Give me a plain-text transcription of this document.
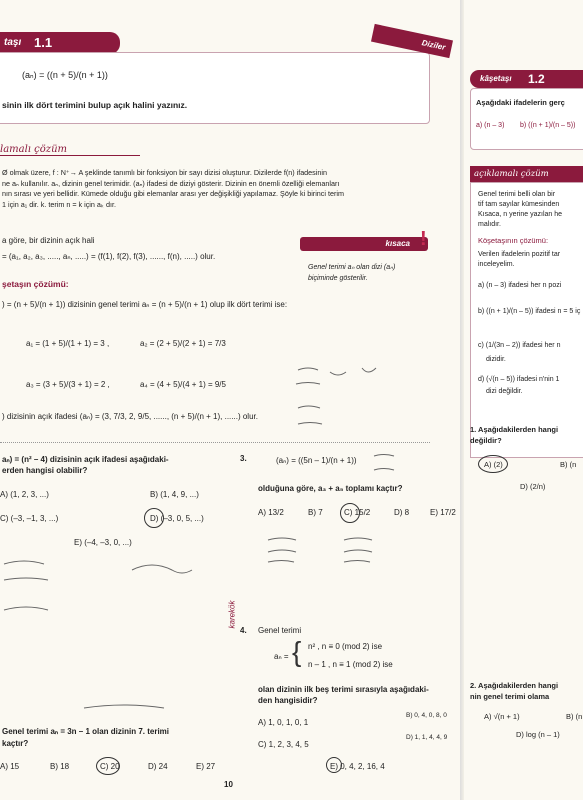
taşı 1.1
(aₙ) = ((n + 5)/(n + 1))
sinin ilk dört terimini bulup açık halini yazınız.
Diziler
lamalı çözüm
Ø olmak üzere, f : N⁺→ A şeklinde tanımlı bir fonksiyon bir sayı dizisi oluşturur. Dizilerde f(n) ifadesinin
ne aₙ kullanılır. aₙ, dizinin genel terimidir. (aₙ) ifadesi de diziyi gösterir. Dizinin en önemli özelliği elemanları
nın sırası ve yeri bellidir. Kümede olduğu gibi elemanlar arası yer değişikliği yapılamaz. Şöyle ki birinci terim
1 için a₁ dir. k. terim n = k için aₖ dır.
a göre, bir dizinin açık hali
= (a₁, a₂, a₃, ....., aₙ, .....) = (f(1), f(2), f(3), ......, f(n), .....) olur.
kısaca !
Genel terimi aₙ olan dizi (aₙ)
biçiminde gösterilir.
şetaşın çözümü:
) = (n + 5)/(n + 1)) dizisinin genel terimi aₙ = (n + 5)/(n + 1) olup ilk dört terimi ise:
a₁ = (1 + 5)/(1 + 1) = 3 ,	a₂ = (2 + 5)/(2 + 1) = 7/3
a₃ = (3 + 5)/(3 + 1) = 2 ,	a₄ = (4 + 5)/(4 + 1) = 9/5
) dizisinin açık ifadesi (aₙ) = (3, 7/3, 2, 9/5, ......, (n + 5)/(n + 1), ......) olur.
aₙ) = (n² – 4) dizisinin açık ifadesi aşağıdaki-
erden hangisi olabilir?
A) (1, 2, 3, ...)	B) (1, 4, 9, ...)
C) (–3, –1, 3, ...)	D) (–3, 0, 5, ...)
E) (–4, –3, 0, ...)
3.	(aₙ) = ((5n – 1)/(n + 1))
olduğuna göre, a₃ + a₅ toplamı kaçtır?
A) 13/2	B) 7	C) 15/2	D) 8	E) 17/2
karekök
4. Genel terimi
{ n² , n ≡ 0 (mod 2) ise
n – 1 , n ≡ 1 (mod 2) ise
aₙ =
olan dizinin ilk beş terimi sırasıyla aşağıdaki-
den hangisidir?
A) 1, 0, 1, 0, 1
B) 0, 4, 0, 8, 0
C) 1, 2, 3, 4, 5
D) 1, 1, 4, 4, 9
E) 0, 4, 2, 16, 4
Genel terimi aₙ = 3n – 1 olan dizinin 7. terimi
kaçtır?
A) 15	B) 18	C) 20	D) 24	E) 27
10
kâşetaşı 1.2
Aşağıdaki ifadelerin gerç
a) (n – 3) b) ((n + 1)/(n – 5))
açıklamalı çözüm
Genel terimi belli olan bir
tif tam sayılar kümesinden
Kısaca, n yerine yazılan he
malıdır.
Köşetaşının çözümü:
Verilen ifadelerin pozitif tar
inceleyelim.
a) (n – 3) ifadesi her n pozi
b) ((n + 1)/(n – 5)) ifadesi n = 5 iç
c) (1/(3n – 2)) ifadesi her n
dizidir.
d) (√(n – 5)) ifadesi n'nin 1
dizi değildir.
1. Aşağıdakilerden hangi
değildir?
A) (2)	B) (n
D) (2/n)
2. Aşağıdakilerden hangi
nin genel terimi olama
A) √(n + 1)	B) (n
D) log (n – 1)
